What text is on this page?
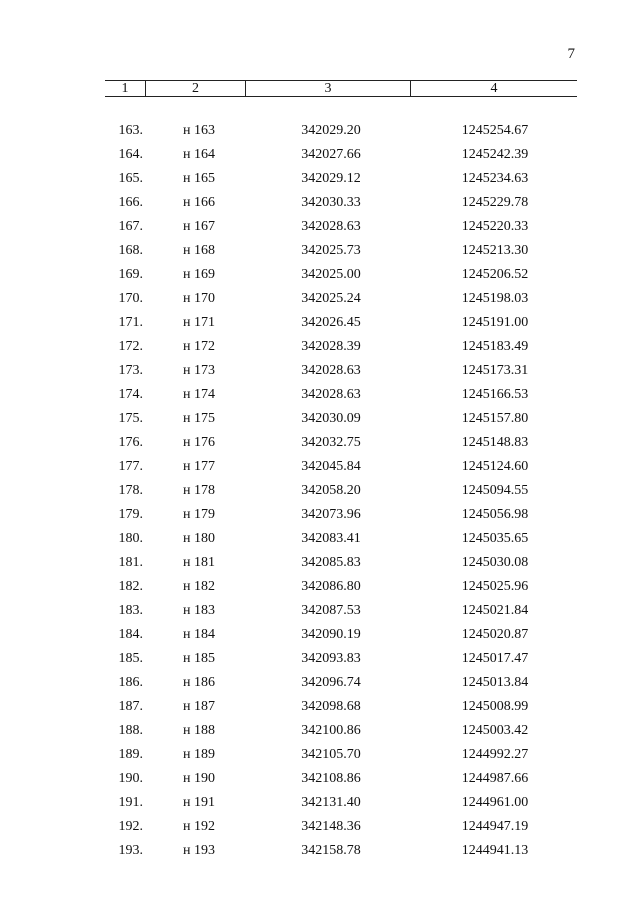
7
1	2	3	4
163.	н 163	342029.20	1245254.67
164.	н 164	342027.66	1245242.39
165.	н 165	342029.12	1245234.63
166.	н 166	342030.33	1245229.78
167.	н 167	342028.63	1245220.33
168.	н 168	342025.73	1245213.30
169.	н 169	342025.00	1245206.52
170.	н 170	342025.24	1245198.03
171.	н 171	342026.45	1245191.00
172.	н 172	342028.39	1245183.49
173.	н 173	342028.63	1245173.31
174.	н 174	342028.63	1245166.53
175.	н 175	342030.09	1245157.80
176.	н 176	342032.75	1245148.83
177.	н 177	342045.84	1245124.60
178.	н 178	342058.20	1245094.55
179.	н 179	342073.96	1245056.98
180.	н 180	342083.41	1245035.65
181.	н 181	342085.83	1245030.08
182.	н 182	342086.80	1245025.96
183.	н 183	342087.53	1245021.84
184.	н 184	342090.19	1245020.87
185.	н 185	342093.83	1245017.47
186.	н 186	342096.74	1245013.84
187.	н 187	342098.68	1245008.99
188.	н 188	342100.86	1245003.42
189.	н 189	342105.70	1244992.27
190.	н 190	342108.86	1244987.66
191.	н 191	342131.40	1244961.00
192.	н 192	342148.36	1244947.19
193.	н 193	342158.78	1244941.13
